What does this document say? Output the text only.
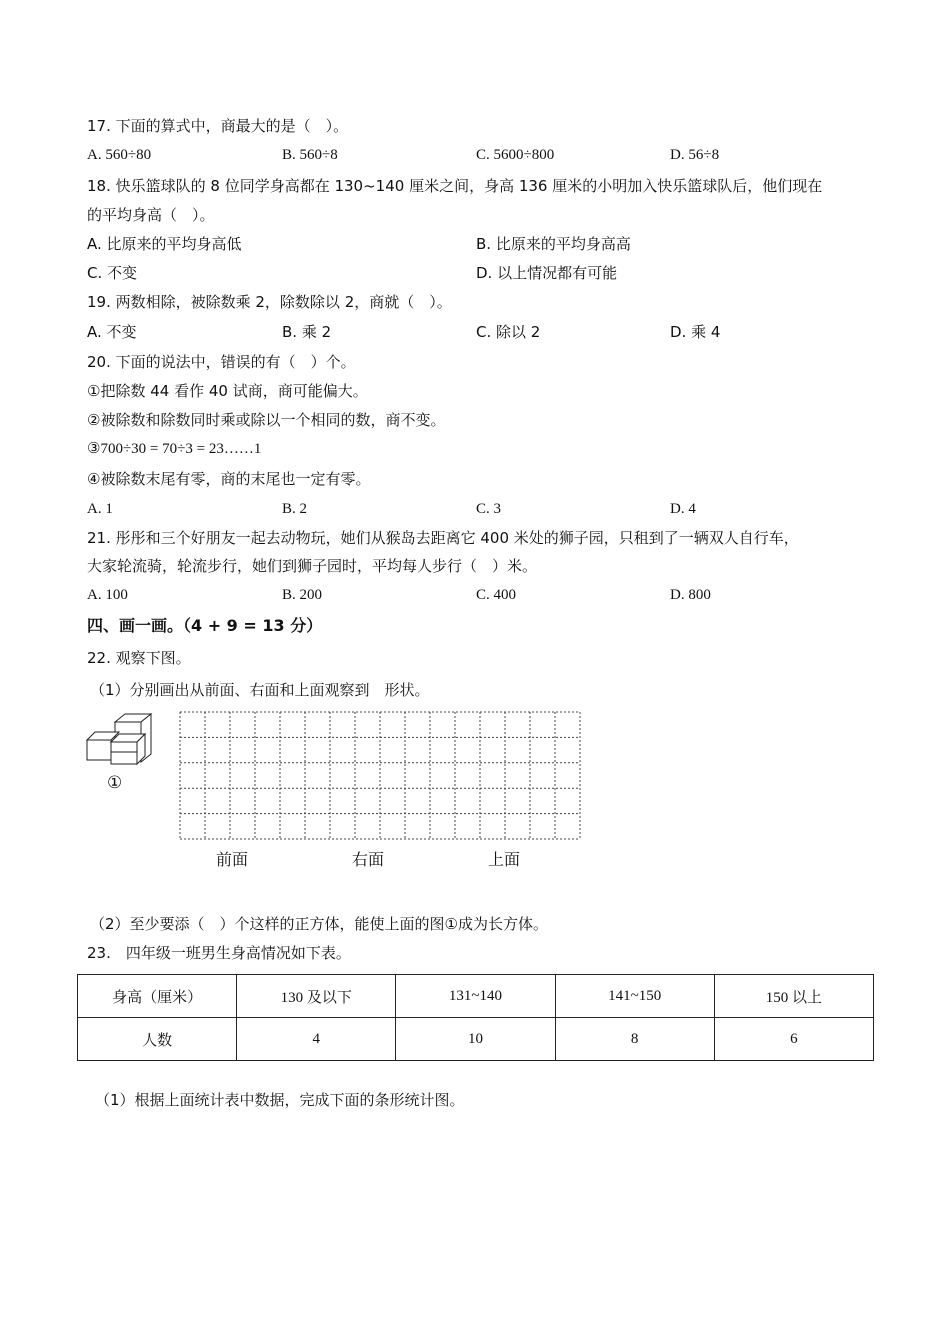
17. 下面的算式中，商最大的是（　）。
A. 560÷80	B. 560÷8	C. 5600÷800	D. 56÷8
18. 快乐篮球队的 8 位同学身高都在 130~140 厘米之间，身高 136 厘米的小明加入快乐篮球队后，他们现在
的平均身高（　）。
A. 比原来的平均身高低	B. 比原来的平均身高高
C. 不变	D. 以上情况都有可能
19. 两数相除，被除数乘 2，除数除以 2，商就（　）。
A. 不变	B. 乘 2	C. 除以 2	D. 乘 4
20. 下面的说法中，错误的有（　）个。
①把除数 44 看作 40 试商，商可能偏大。
②被除数和除数同时乘或除以一个相同的数，商不变。
③700÷30 = 70÷3 = 23……1
④被除数末尾有零，商的末尾也一定有零。
A. 1	B. 2	C. 3	D. 4
21. 彤彤和三个好朋友一起去动物玩，她们从猴岛去距离它 400 米处的狮子园，只租到了一辆双人自行车，
大家轮流骑，轮流步行，她们到狮子园时，平均每人步行（　）米。
A. 100	B. 200	C. 400	D. 800
四、画一画。（4 + 9 = 13 分）
22. 观察下图。
（1）分别画出从前面、右面和上面观察到　形状。
①
前面	右面	上面
（2）至少要添（　）个这样的正方体，能使上面的图①成为长方体。
23.　四年级一班男生身高情况如下表。
身高（厘米）	130 及以下	131~140	141~150	150 以上
人数	4	10	8	6
（1）根据上面统计表中数据，完成下面的条形统计图。
